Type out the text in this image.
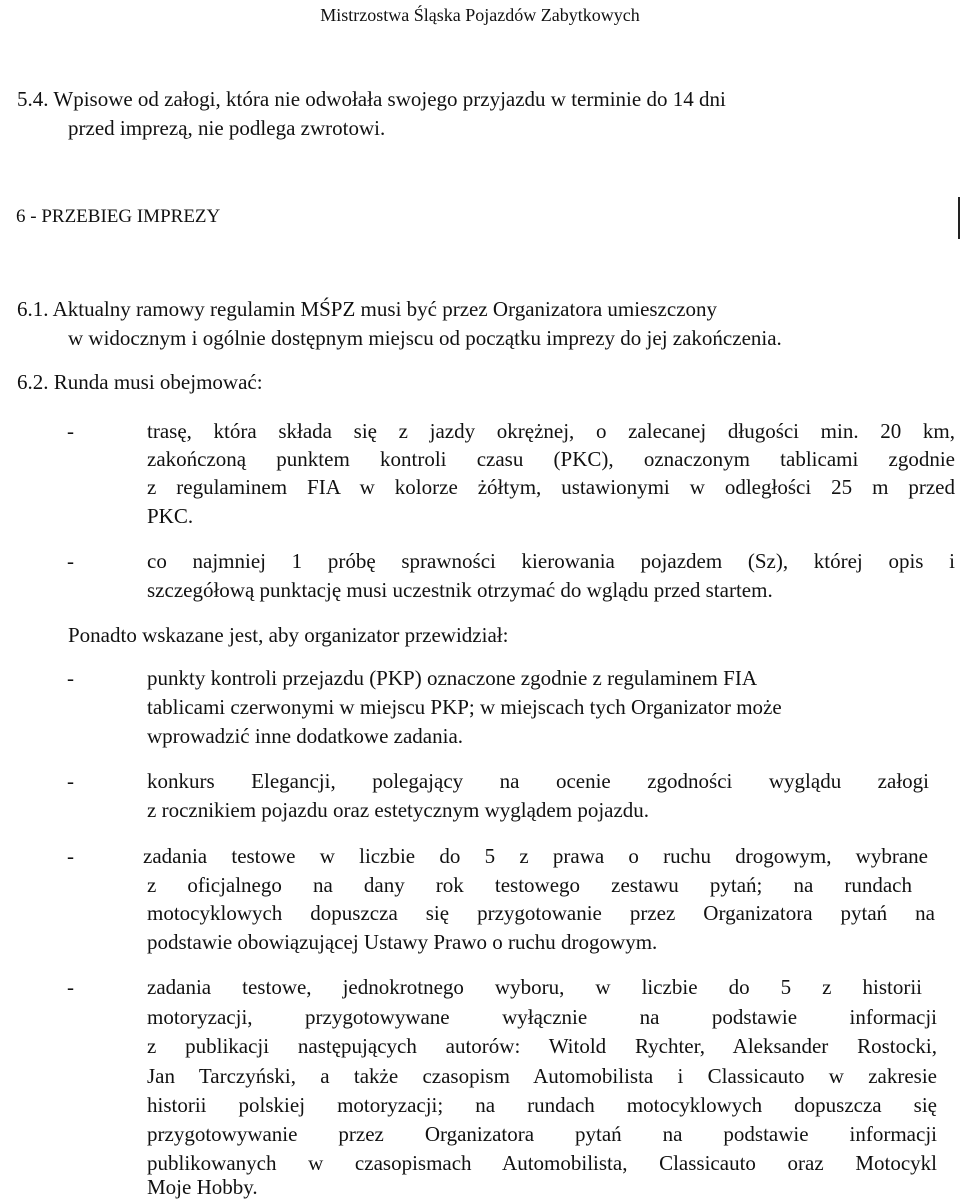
Mistrzostwa Śląska Pojazdów Zabytkowych
5.4. Wpisowe od załogi, która nie odwołała swojego przyjazdu w terminie do 14 dni
przed imprezą, nie podlega zwrotowi.
6 - PRZEBIEG IMPREZY
6.1. Aktualny ramowy regulamin MŚPZ musi być przez Organizatora umieszczony
w widocznym i ogólnie dostępnym miejscu od początku imprezy do jej zakończenia.
6.2. Runda musi obejmować:
-	trasę, która składa się z jazdy okrężnej, o zalecanej długości min. 20 km,
zakończoną punktem kontroli czasu (PKC), oznaczonym tablicami zgodnie
z regulaminem FIA w kolorze żółtym, ustawionymi w odległości 25 m przed
PKC.
-	co najmniej 1 próbę sprawności kierowania pojazdem (Sz), której opis i
szczegółową punktację musi uczestnik otrzymać do wglądu przed startem.
Ponadto wskazane jest, aby organizator przewidział:
-	punkty kontroli przejazdu (PKP) oznaczone zgodnie z regulaminem FIA
tablicami czerwonymi w miejscu PKP; w miejscach tych Organizator może
wprowadzić inne dodatkowe zadania.
-	konkurs Elegancji, polegający na ocenie zgodności wyglądu załogi
z rocznikiem pojazdu oraz estetycznym wyglądem pojazdu.
-	zadania testowe w liczbie do 5 z prawa o ruchu drogowym, wybrane
z oficjalnego na dany rok testowego zestawu pytań; na rundach
motocyklowych dopuszcza się przygotowanie przez Organizatora pytań na
podstawie obowiązującej Ustawy Prawo o ruchu drogowym.
-	zadania testowe, jednokrotnego wyboru, w liczbie do 5 z historii
motoryzacji, przygotowywane wyłącznie na podstawie informacji
z publikacji następujących autorów: Witold Rychter, Aleksander Rostocki,
Jan Tarczyński, a także czasopism Automobilista i Classicauto w zakresie
historii polskiej motoryzacji; na rundach motocyklowych dopuszcza się
przygotowywanie przez Organizatora pytań na podstawie informacji
publikowanych w czasopismach Automobilista, Classicauto oraz Motocykl
Moje Hobby.
